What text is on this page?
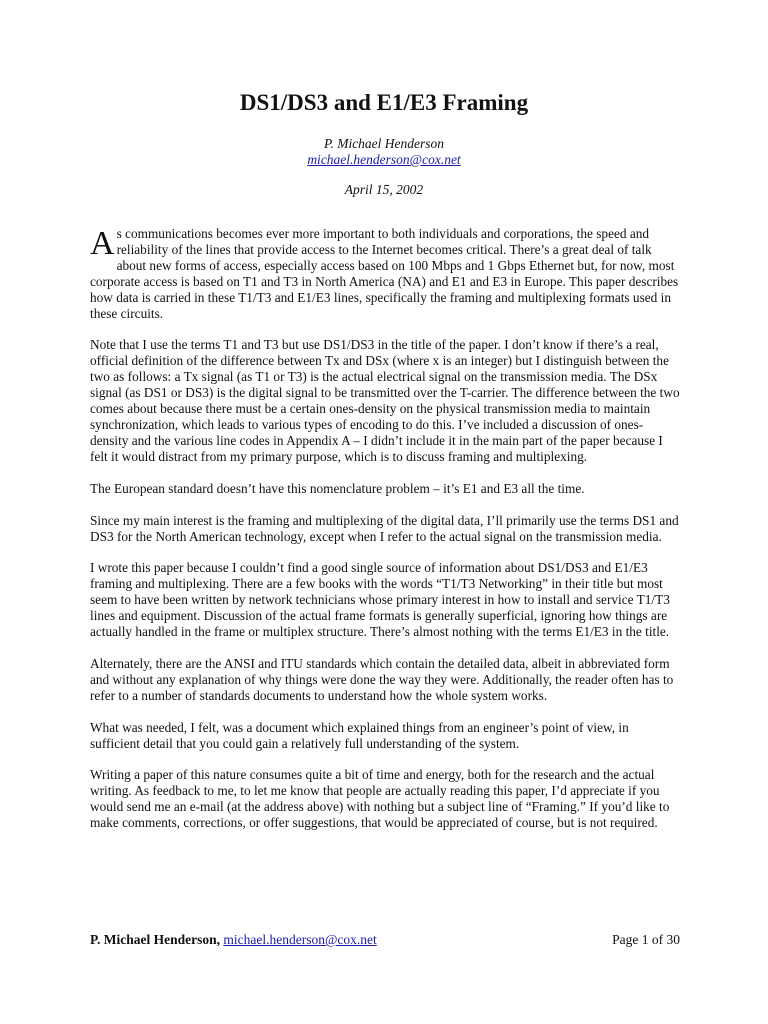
DS1/DS3 and E1/E3 Framing
P. Michael Henderson
michael.henderson@cox.net
April 15, 2002

As communications becomes ever more important to both individuals and corporations, the speed and reliability of the lines that provide access to the Internet becomes critical. There’s a great deal of talk about new forms of access, especially access based on 100 Mbps and 1 Gbps Ethernet but, for now, most corporate access is based on T1 and T3 in North America (NA) and E1 and E3 in Europe. This paper describes how data is carried in these T1/T3 and E1/E3 lines, specifically the framing and multiplexing formats used in these circuits.

Note that I use the terms T1 and T3 but use DS1/DS3 in the title of the paper. I don’t know if there’s a real, official definition of the difference between Tx and DSx (where x is an integer) but I distinguish between the two as follows: a Tx signal (as T1 or T3) is the actual electrical signal on the transmission media. The DSx signal (as DS1 or DS3) is the digital signal to be transmitted over the T-carrier. The difference between the two comes about because there must be a certain ones-density on the physical transmission media to maintain synchronization, which leads to various types of encoding to do this. I’ve included a discussion of ones-density and the various line codes in Appendix A – I didn’t include it in the main part of the paper because I felt it would distract from my primary purpose, which is to discuss framing and multiplexing.

The European standard doesn’t have this nomenclature problem – it’s E1 and E3 all the time.

Since my main interest is the framing and multiplexing of the digital data, I’ll primarily use the terms DS1 and DS3 for the North American technology, except when I refer to the actual signal on the transmission media.

I wrote this paper because I couldn’t find a good single source of information about DS1/DS3 and E1/E3 framing and multiplexing. There are a few books with the words “T1/T3 Networking” in their title but most seem to have been written by network technicians whose primary interest in how to install and service T1/T3 lines and equipment. Discussion of the actual frame formats is generally superficial, ignoring how things are actually handled in the frame or multiplex structure. There’s almost nothing with the terms E1/E3 in the title.

Alternately, there are the ANSI and ITU standards which contain the detailed data, albeit in abbreviated form and without any explanation of why things were done the way they were. Additionally, the reader often has to refer to a number of standards documents to understand how the whole system works.

What was needed, I felt, was a document which explained things from an engineer’s point of view, in sufficient detail that you could gain a relatively full understanding of the system.

Writing a paper of this nature consumes quite a bit of time and energy, both for the research and the actual writing. As feedback to me, to let me know that people are actually reading this paper, I’d appreciate if you would send me an e-mail (at the address above) with nothing but a subject line of “Framing.” If you’d like to make comments, corrections, or offer suggestions, that would be appreciated of course, but is not required.

P. Michael Henderson, michael.henderson@cox.net	Page 1 of 30
